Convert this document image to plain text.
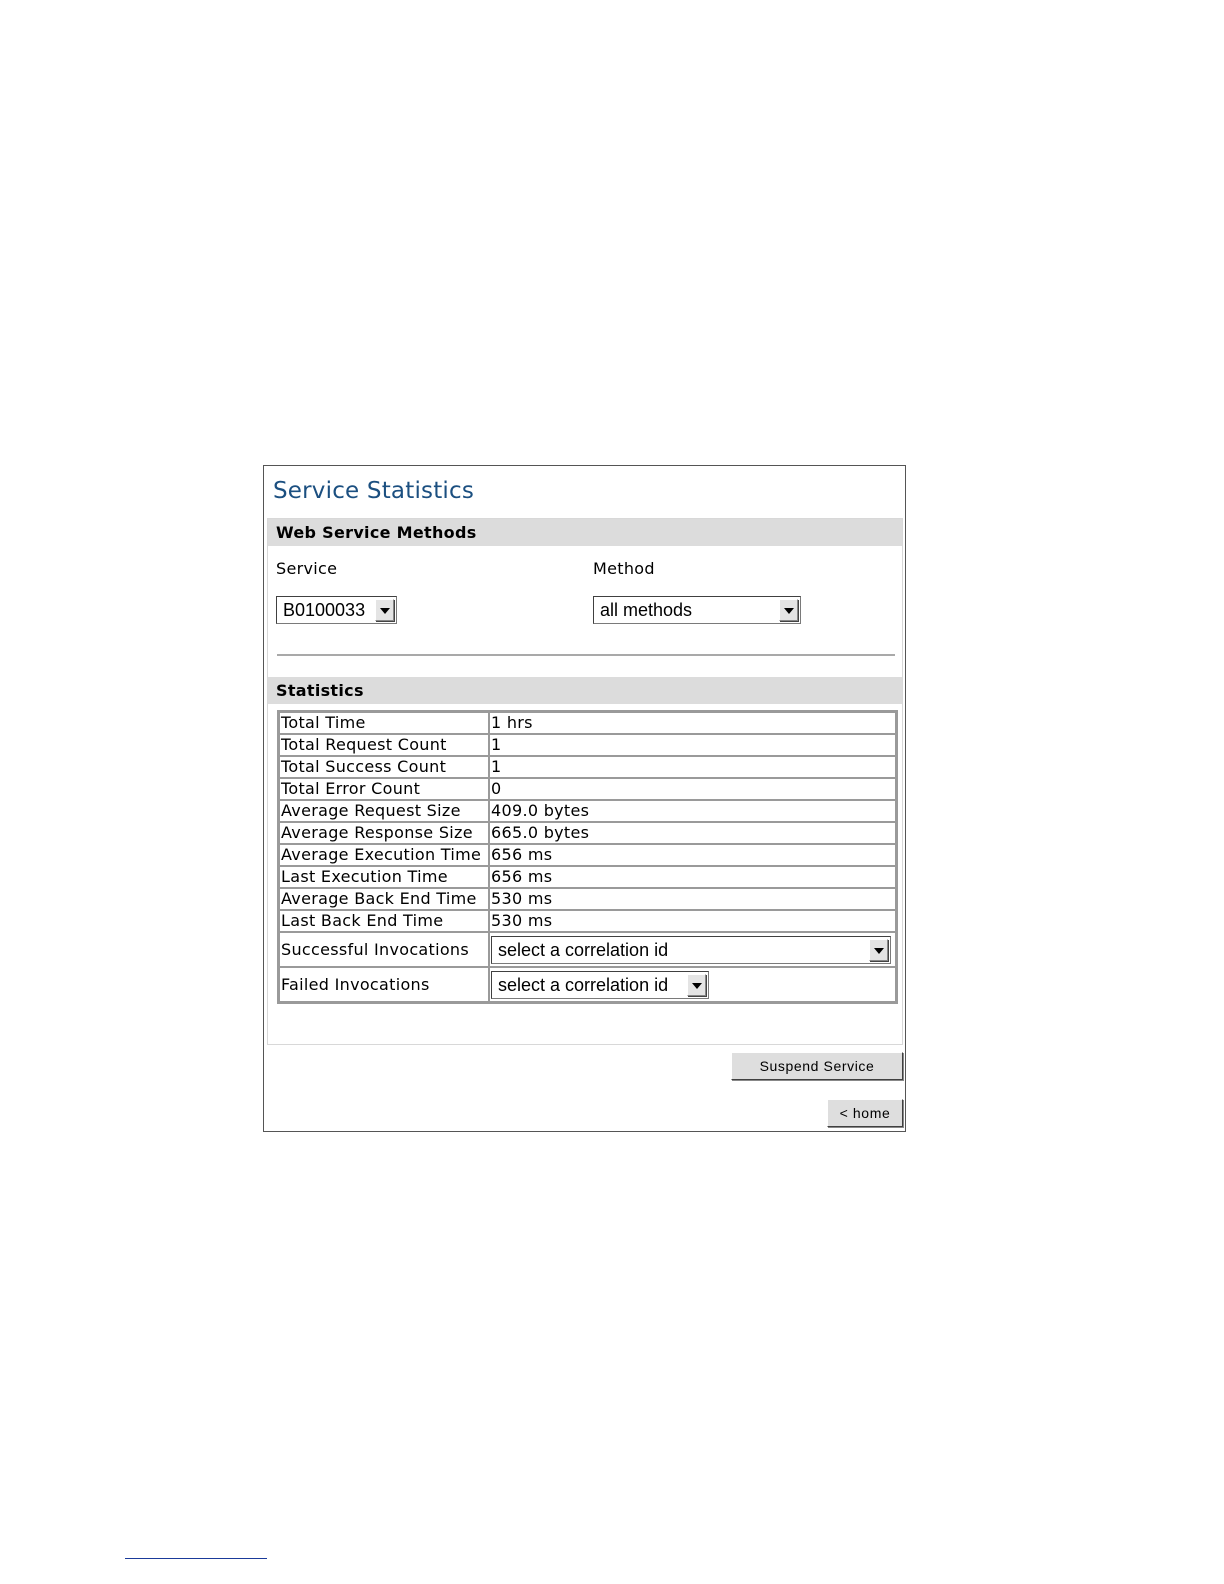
Service Statistics
Web Service Methods
Service	Method
B0100033	all methods
Statistics
Total Time	1 hrs
Total Request Count	1
Total Success Count	1
Total Error Count	0
Average Request Size	409.0 bytes
Average Response Size	665.0 bytes
Average Execution Time	656 ms
Last Execution Time	656 ms
Average Back End Time	530 ms
Last Back End Time	530 ms
Successful Invocations	select a correlation id

Failed Invocations	select a correlation id
Suspend Service
< home
